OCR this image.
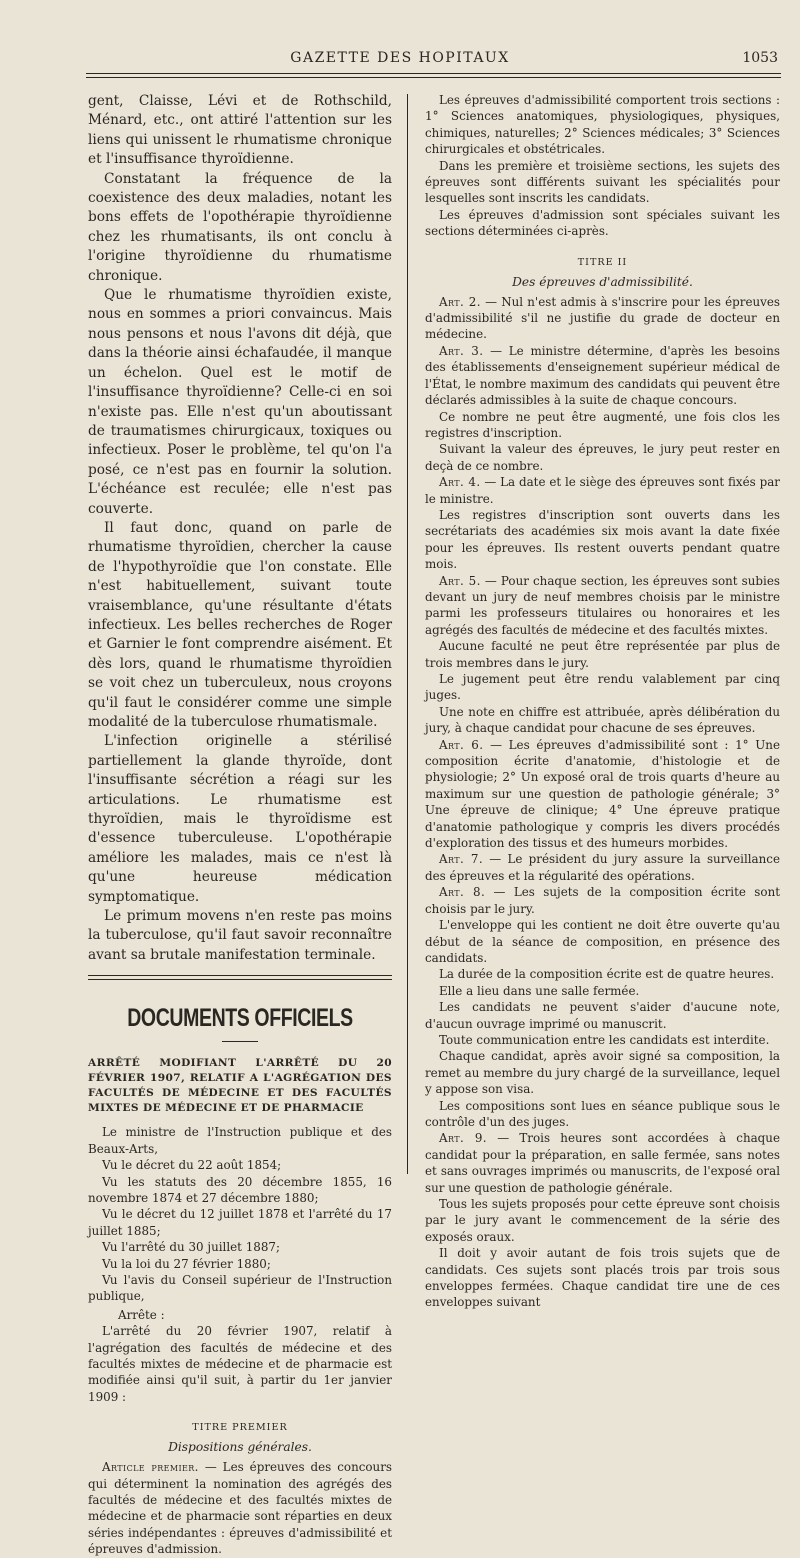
GAZETTE DES HOPITAUX	1053

gent, Claisse, Lévi et de Rothschild, Ménard, etc., ont attiré l'attention sur les liens qui unissent le rhumatisme chronique et l'insuffisance thyroïdienne.

Constatant la fréquence de la coexistence des deux maladies, notant les bons effets de l'opothérapie thyroïdienne chez les rhumatisants, ils ont conclu à l'origine thyroïdienne du rhumatisme chronique.

Que le rhumatisme thyroïdien existe, nous en sommes a priori convaincus. Mais nous pensons et nous l'avons dit déjà, que dans la théorie ainsi échafaudée, il manque un échelon. Quel est le motif de l'insuffisance thyroïdienne? Celle-ci en soi n'existe pas. Elle n'est qu'un aboutissant de traumatismes chirurgicaux, toxiques ou infectieux. Poser le problème, tel qu'on l'a posé, ce n'est pas en fournir la solution. L'échéance est reculée; elle n'est pas couverte.

Il faut donc, quand on parle de rhumatisme thyroïdien, chercher la cause de l'hypothyroïdie que l'on constate. Elle n'est habituellement, suivant toute vraisemblance, qu'une résultante d'états infectieux. Les belles recherches de Roger et Garnier le font comprendre aisément. Et dès lors, quand le rhumatisme thyroïdien se voit chez un tuberculeux, nous croyons qu'il faut le considérer comme une simple modalité de la tuberculose rhumatismale.

L'infection originelle a stérilisé partiellement la glande thyroïde, dont l'insuffisante sécrétion a réagi sur les articulations. Le rhumatisme est thyroïdien, mais le thyroïdisme est d'essence tuberculeuse. L'opothérapie améliore les malades, mais ce n'est là qu'une heureuse médication symptomatique.

Le primum movens n'en reste pas moins la tuberculose, qu'il faut savoir reconnaître avant sa brutale manifestation terminale.

DOCUMENTS OFFICIELS
ARRÊTÉ MODIFIANT L'ARRÊTÉ DU 20 FÉVRIER 1907, RELATIF A L'AGRÉGATION DES FACULTÉS DE MÉDECINE ET DES FACULTÉS MIXTES DE MÉDECINE ET DE PHARMACIE

Le ministre de l'Instruction publique et des Beaux-Arts,

Vu le décret du 22 août 1854;

Vu les statuts des 20 décembre 1855, 16 novembre 1874 et 27 décembre 1880;

Vu le décret du 12 juillet 1878 et l'arrêté du 17 juillet 1885;

Vu l'arrêté du 30 juillet 1887;

Vu la loi du 27 février 1880;

Vu l'avis du Conseil supérieur de l'Instruction publique,

Arrête :

L'arrêté du 20 février 1907, relatif à l'agrégation des facultés de médecine et des facultés mixtes de médecine et de pharmacie est modifiée ainsi qu'il suit, à partir du 1er janvier 1909 :

TITRE PREMIER
Dispositions générales.

Article premier. — Les épreuves des concours qui déterminent la nomination des agrégés des facultés de médecine et des facultés mixtes de médecine et de pharmacie sont réparties en deux séries indépendantes : épreuves d'admissibilité et épreuves d'admission.

Les épreuves d'admissibilité comportent trois sections : 1° Sciences anatomiques, physiologiques, physiques, chimiques, naturelles; 2° Sciences médicales; 3° Sciences chirurgicales et obstétricales.

Dans les première et troisième sections, les sujets des épreuves sont différents suivant les spécialités pour lesquelles sont inscrits les candidats.

Les épreuves d'admission sont spéciales suivant les sections déterminées ci-après.

TITRE II
Des épreuves d'admissibilité.

Art. 2. — Nul n'est admis à s'inscrire pour les épreuves d'admissibilité s'il ne justifie du grade de docteur en médecine.

Art. 3. — Le ministre détermine, d'après les besoins des établissements d'enseignement supérieur médical de l'État, le nombre maximum des candidats qui peuvent être déclarés admissibles à la suite de chaque concours.

Ce nombre ne peut être augmenté, une fois clos les registres d'inscription.

Suivant la valeur des épreuves, le jury peut rester en deçà de ce nombre.

Art. 4. — La date et le siège des épreuves sont fixés par le ministre.

Les registres d'inscription sont ouverts dans les secrétariats des académies six mois avant la date fixée pour les épreuves. Ils restent ouverts pendant quatre mois.

Art. 5. — Pour chaque section, les épreuves sont subies devant un jury de neuf membres choisis par le ministre parmi les professeurs titulaires ou honoraires et les agrégés des facultés de médecine et des facultés mixtes.

Aucune faculté ne peut être représentée par plus de trois membres dans le jury.

Le jugement peut être rendu valablement par cinq juges.

Une note en chiffre est attribuée, après délibération du jury, à chaque candidat pour chacune de ses épreuves.

Art. 6. — Les épreuves d'admissibilité sont : 1° Une composition écrite d'anatomie, d'histologie et de physiologie; 2° Un exposé oral de trois quarts d'heure au maximum sur une question de pathologie générale; 3° Une épreuve de clinique; 4° Une épreuve pratique d'anatomie pathologique y compris les divers procédés d'exploration des tissus et des humeurs morbides.

Art. 7. — Le président du jury assure la surveillance des épreuves et la régularité des opérations.

Art. 8. — Les sujets de la composition écrite sont choisis par le jury.

L'enveloppe qui les contient ne doit être ouverte qu'au début de la séance de composition, en présence des candidats.

La durée de la composition écrite est de quatre heures.

Elle a lieu dans une salle fermée.

Les candidats ne peuvent s'aider d'aucune note, d'aucun ouvrage imprimé ou manuscrit.

Toute communication entre les candidats est interdite.

Chaque candidat, après avoir signé sa composition, la remet au membre du jury chargé de la surveillance, lequel y appose son visa.

Les compositions sont lues en séance publique sous le contrôle d'un des juges.

Art. 9. — Trois heures sont accordées à chaque candidat pour la préparation, en salle fermée, sans notes et sans ouvrages imprimés ou manuscrits, de l'exposé oral sur une question de pathologie générale.

Tous les sujets proposés pour cette épreuve sont choisis par le jury avant le commencement de la série des exposés oraux.

Il doit y avoir autant de fois trois sujets que de candidats. Ces sujets sont placés trois par trois sous enveloppes fermées. Chaque candidat tire une de ces enveloppes suivant
